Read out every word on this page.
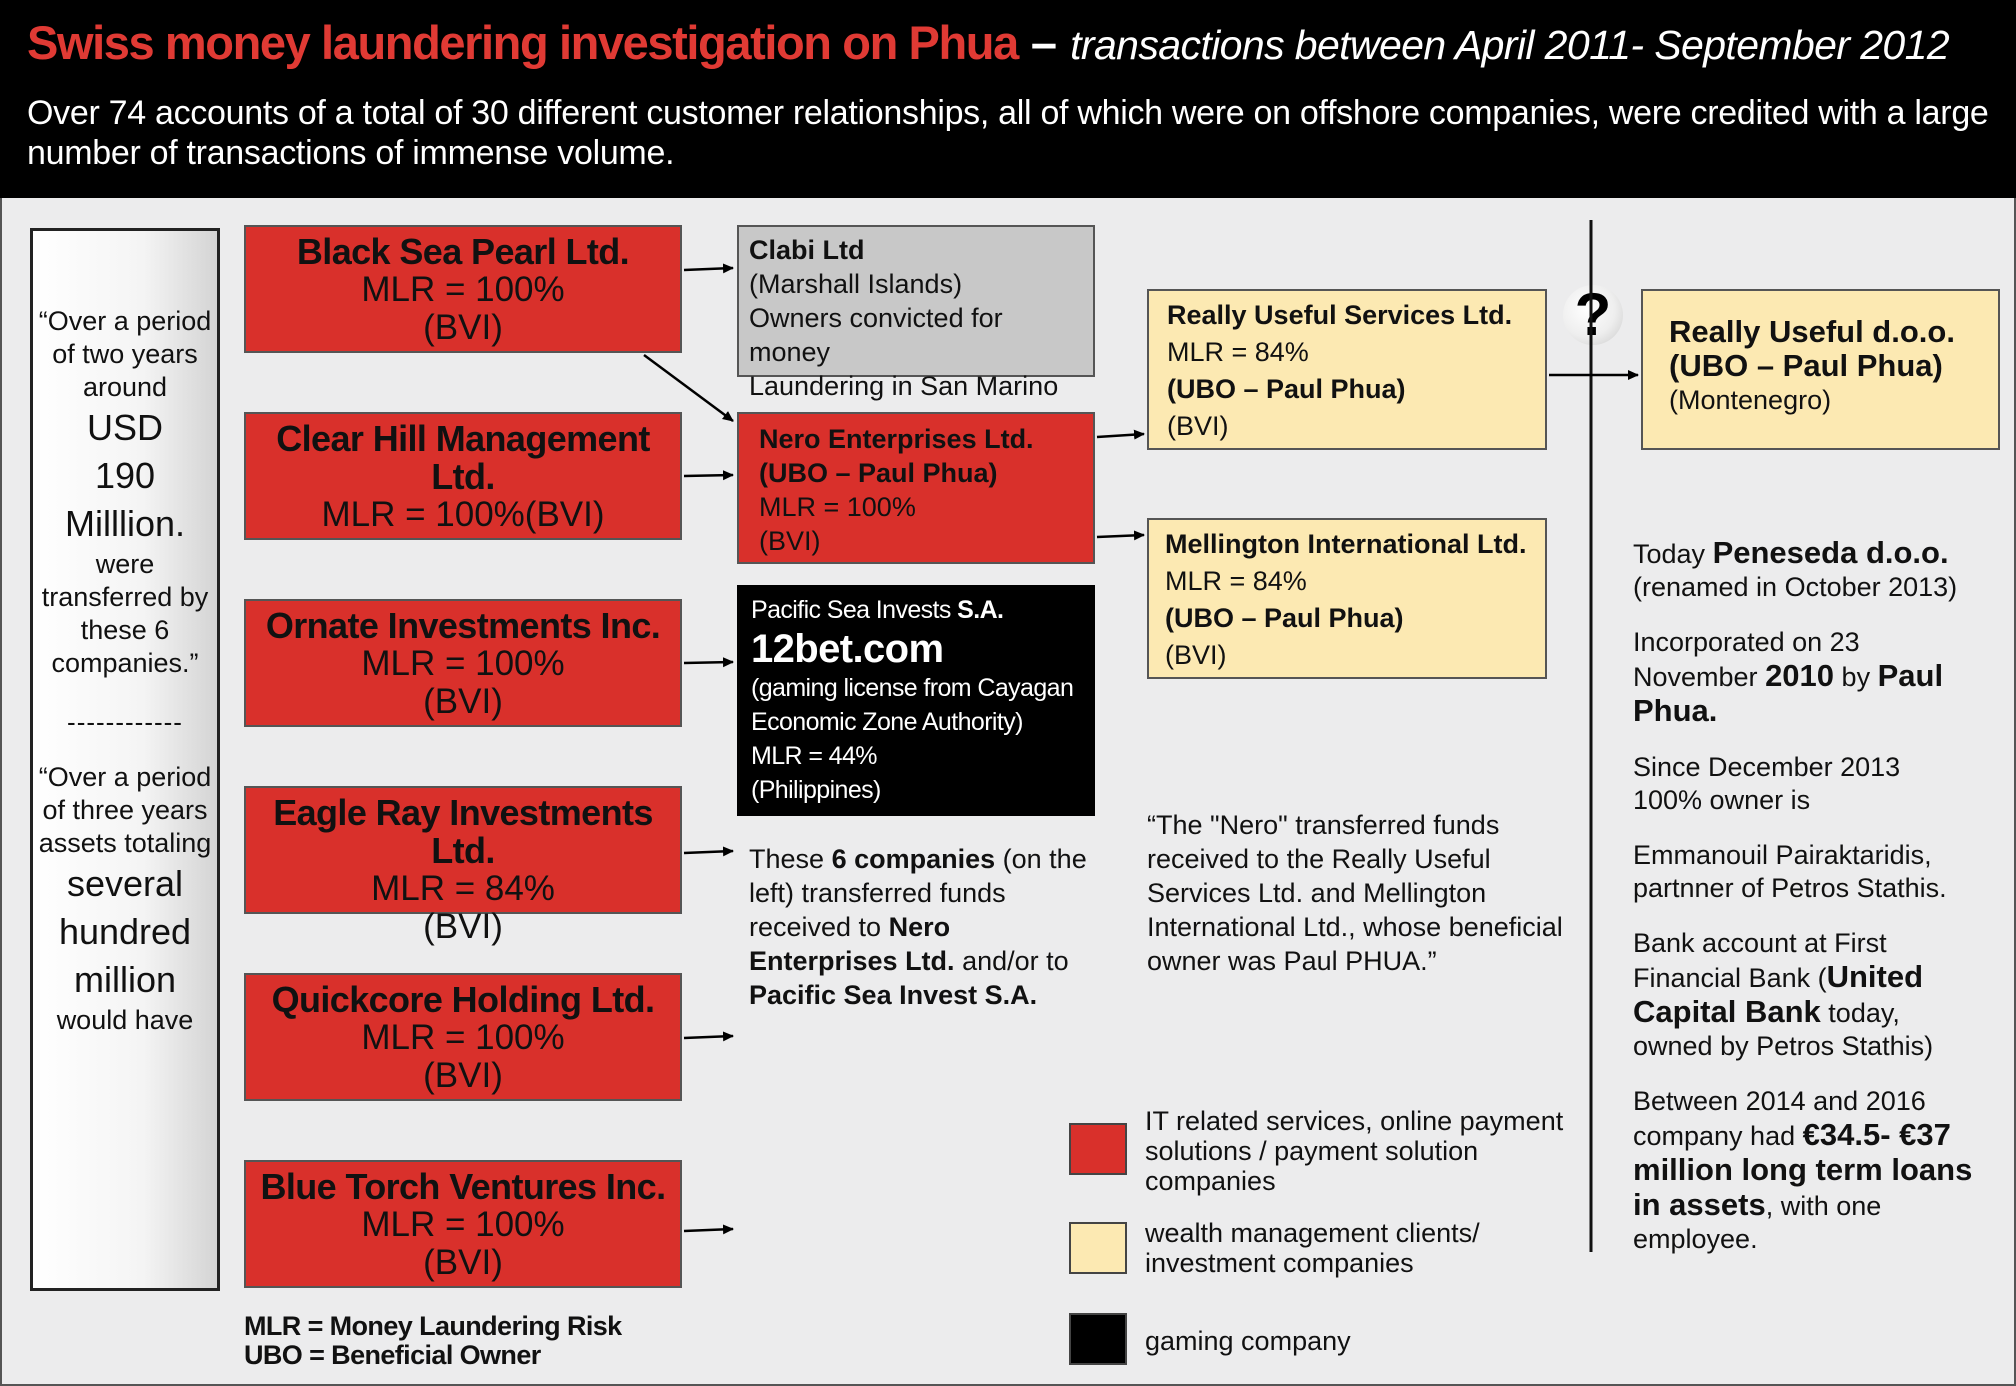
Swiss money laundering investigation on Phua – transactions between April 2011- September 2012
Over 74 accounts of a total of 30 different customer relationships, all of which were on offshore companies, were credited with a large number of transactions of immense volume.

“Over a period of two years around

USD

190

Milllion.

were transferred by these 6 companies.”

------------

“Over a period of three years assets totaling

several hundred million

would have

Black Sea Pearl Ltd.
MLR = 100%
(BVI)
Clear Hill Management Ltd.
MLR = 100%(BVI)
Ornate Investments Inc.
MLR = 100%
(BVI)
Eagle Ray Investments Ltd.
MLR = 84%
(BVI)
Quickcore Holding Ltd.
MLR = 100%
(BVI)
Blue Torch Ventures Inc.
MLR = 100%
(BVI)
Clabi Ltd
(Marshall Islands)
Owners convicted for money
Laundering in San Marino
Nero Enterprises Ltd.
(UBO – Paul Phua)
MLR = 100%
(BVI)
Pacific Sea Invests S.A.
12bet.com
(gaming license from Cayagan
Economic Zone Authority)
MLR = 44%
(Philippines)
Really Useful Services Ltd.
MLR = 84%
(UBO – Paul Phua)
(BVI)
Mellington International Ltd.
MLR = 84%
(UBO – Paul Phua)
(BVI)
Really Useful d.o.o.
(UBO – Paul Phua)
(Montenegro)
?
These 6 companies (on the left) transferred funds received to Nero Enterprises Ltd. and/or to Pacific Sea Invest S.A.
“The "Nero" transferred funds received to the Really Useful Services Ltd. and Mellington International Ltd., whose beneficial owner was Paul PHUA.”
IT related services, online payment solutions / payment solution companies
wealth management clients/ investment companies
gaming company
MLR = Money Laundering Risk
UBO = Beneficial Owner

Today Peneseda d.o.o. (renamed in October 2013)

Incorporated on 23 November 2010 by Paul Phua.

Since December 2013 100% owner is

Emmanouil Pairaktaridis, partnner of Petros Stathis.

Bank account at First Financial Bank (United Capital Bank today, owned by Petros Stathis)

Between 2014 and 2016 company had €34.5- €37 million long term loans in assets, with one employee.
